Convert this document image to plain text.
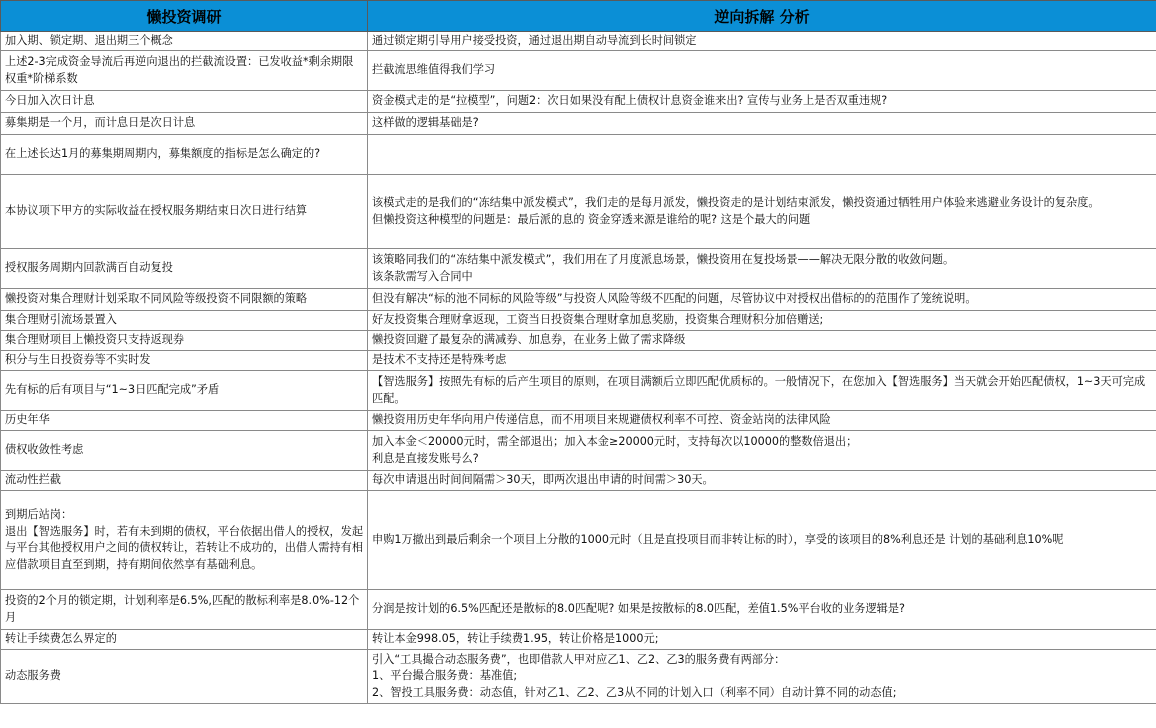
懒投资调研	逆向拆解 分析

加入期、锁定期、退出期三个概念	通过锁定期引导用户接受投资，通过退出期自动导流到长时间锁定

上述2-3完成资金导流后再逆向退出的拦截流设置：已发收益*剩余期限权重*阶梯系数	拦截流思维值得我们学习

今日加入次日计息	资金模式走的是“拉模型”，问题2：次日如果没有配上债权计息资金谁来出? 宣传与业务上是否双重违规?

募集期是一个月，而计息日是次日计息	这样做的逻辑基础是?

在上述长达1月的募集期周期内，募集额度的指标是怎么确定的?	

本协议项下甲方的实际收益在授权服务期结束日次日进行结算	该模式走的是我们的“冻结集中派发模式”，我们走的是每月派发，懒投资走的是计划结束派发，懒投资通过牺牲用户体验来逃避业务设计的复杂度。
但懒投资这种模型的问题是：最后派的息的 资金穿透来源是谁给的呢? 这是个最大的问题

授权服务周期内回款满百自动复投	该策略同我们的“冻结集中派发模式”，我们用在了月度派息场景，懒投资用在复投场景——解决无限分散的收敛问题。
该条款需写入合同中

懒投资对集合理财计划采取不同风险等级投资不同限额的策略	但没有解决“标的池不同标的风险等级”与投资人风险等级不匹配的问题，尽管协议中对授权出借标的的范围作了笼统说明。

集合理财引流场景置入	好友投资集合理财拿返现，工资当日投资集合理财拿加息奖励，投资集合理财积分加倍赠送;

集合理财项目上懒投资只支持返现券	懒投资回避了最复杂的满减券、加息券，在业务上做了需求降级

积分与生日投资券等不实时发	是技术不支持还是特殊考虑

先有标的后有项目与“1~3日匹配完成”矛盾	【智选服务】按照先有标的后产生项目的原则，在项目满额后立即匹配优质标的。一般情况下，在您加入【智选服务】当天就会开始匹配债权，1~3天可完成匹配。

历史年华	懒投资用历史年华向用户传递信息，而不用项目来规避债权利率不可控、资金站岗的法律风险

债权收敛性考虑	加入本金＜20000元时，需全部退出；加入本金≥20000元时，支持每次以10000的整数倍退出；
利息是直接发账号么?

流动性拦截	每次申请退出时间间隔需＞30天，即两次退出申请的时间需＞30天。

到期后站岗：
退出【智选服务】时，若有未到期的债权，平台依据出借人的授权，发起与平台其他授权用户之间的债权转让，若转让不成功的，出借人需持有相应借款项目直至到期，持有期间依然享有基础利息。	申购1万撤出到最后剩余一个项目上分散的1000元时（且是直投项目而非转让标的时），享受的该项目的8%利息还是 计划的基础利息10%呢

投资的2个月的锁定期，计划利率是6.5%,匹配的散标利率是8.0%-12个月	分润是按计划的6.5%匹配还是散标的8.0匹配呢? 如果是按散标的8.0匹配，差值1.5%平台收的业务逻辑是?

转让手续费怎么界定的	转让本金998.05，转让手续费1.95，转让价格是1000元;

动态服务费	引入“工具撮合动态服务费”，也即借款人甲对应乙1、乙2、乙3的服务费有两部分：
1、平台撮合服务费：基准值;
2、智投工具服务费：动态值，针对乙1、乙2、乙3从不同的计划入口（利率不同）自动计算不同的动态值;
